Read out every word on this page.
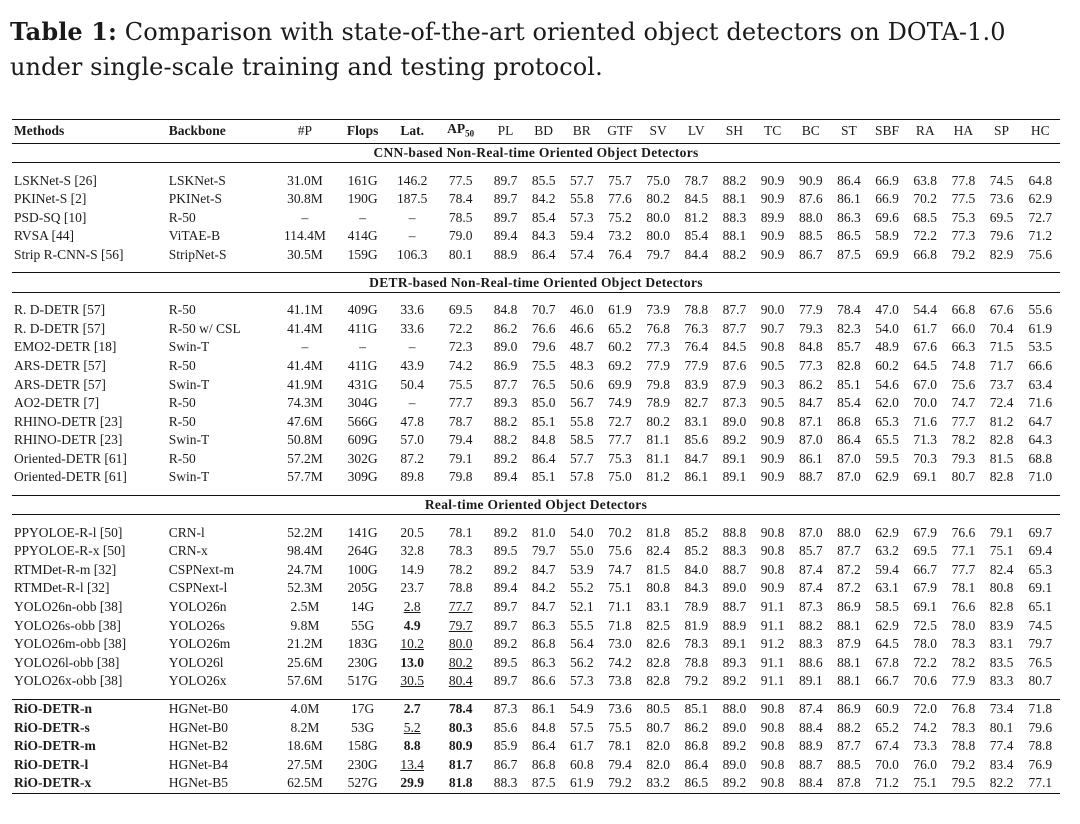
Table 1: Comparison with state-of-the-art oriented object detectors on DOTA-1.0 under single-scale training and testing protocol.
Methods	Backbone	#P	Flops	Lat.	$AP_{50}$	PL	BD	BR	GTF	SV	LV	SH	TC	BC	ST	SBF	RA	HA	SP	HC
CNN-based Non-Real-time Oriented Object Detectors																				

LSKNet-S [26]	LSKNet-S	31.0M	161G	146.2	77.5	89.7	85.5	57.7	75.7	75.0	78.7	88.2	90.9	90.9	86.4	66.9	63.8	77.8	74.5	64.8
PKINet-S [2]	PKINet-S	30.8M	190G	187.5	78.4	89.7	84.2	55.8	77.6	80.2	84.5	88.1	90.9	87.6	86.1	66.9	70.2	77.5	73.6	62.9
PSD-SQ [10]	R-50	–	–	–	78.5	89.7	85.4	57.3	75.2	80.0	81.2	88.3	89.9	88.0	86.3	69.6	68.5	75.3	69.5	72.7
RVSA [44]	ViTAE-B	114.4M	414G	–	79.0	89.4	84.3	59.4	73.2	80.0	85.4	88.1	90.9	88.5	86.5	58.9	72.2	77.3	79.6	71.2
Strip R-CNN-S [56]	StripNet-S	30.5M	159G	106.3	80.1	88.9	86.4	57.4	76.4	79.7	84.4	88.2	90.9	86.7	87.5	69.9	66.8	79.2	82.9	75.6

DETR-based Non-Real-time Oriented Object Detectors																				

R. D-DETR [57]	R-50	41.1M	409G	33.6	69.5	84.8	70.7	46.0	61.9	73.9	78.8	87.7	90.0	77.9	78.4	47.0	54.4	66.8	67.6	55.6
R. D-DETR [57]	R-50 w/ CSL	41.4M	411G	33.6	72.2	86.2	76.6	46.6	65.2	76.8	76.3	87.7	90.7	79.3	82.3	54.0	61.7	66.0	70.4	61.9
EMO2-DETR [18]	Swin-T	–	–	–	72.3	89.0	79.6	48.7	60.2	77.3	76.4	84.5	90.8	84.8	85.7	48.9	67.6	66.3	71.5	53.5
ARS-DETR [57]	R-50	41.4M	411G	43.9	74.2	86.9	75.5	48.3	69.2	77.9	77.9	87.6	90.5	77.3	82.8	60.2	64.5	74.8	71.7	66.6
ARS-DETR [57]	Swin-T	41.9M	431G	50.4	75.5	87.7	76.5	50.6	69.9	79.8	83.9	87.9	90.3	86.2	85.1	54.6	67.0	75.6	73.7	63.4
AO2-DETR [7]	R-50	74.3M	304G	–	77.7	89.3	85.0	56.7	74.9	78.9	82.7	87.3	90.5	84.7	85.4	62.0	70.0	74.7	72.4	71.6
RHINO-DETR [23]	R-50	47.6M	566G	47.8	78.7	88.2	85.1	55.8	72.7	80.2	83.1	89.0	90.8	87.1	86.8	65.3	71.6	77.7	81.2	64.7
RHINO-DETR [23]	Swin-T	50.8M	609G	57.0	79.4	88.2	84.8	58.5	77.7	81.1	85.6	89.2	90.9	87.0	86.4	65.5	71.3	78.2	82.8	64.3
Oriented-DETR [61]	R-50	57.2M	302G	87.2	79.1	89.2	86.4	57.7	75.3	81.1	84.7	89.1	90.9	86.1	87.0	59.5	70.3	79.3	81.5	68.8
Oriented-DETR [61]	Swin-T	57.7M	309G	89.8	79.8	89.4	85.1	57.8	75.0	81.2	86.1	89.1	90.9	88.7	87.0	62.9	69.1	80.7	82.8	71.0

Real-time Oriented Object Detectors																				

PPYOLOE-R-l [50]	CRN-l	52.2M	141G	20.5	78.1	89.2	81.0	54.0	70.2	81.8	85.2	88.8	90.8	87.0	88.0	62.9	67.9	76.6	79.1	69.7
PPYOLOE-R-x [50]	CRN-x	98.4M	264G	32.8	78.3	89.5	79.7	55.0	75.6	82.4	85.2	88.3	90.8	85.7	87.7	63.2	69.5	77.1	75.1	69.4
RTMDet-R-m [32]	CSPNext-m	24.7M	100G	14.9	78.2	89.2	84.7	53.9	74.7	81.5	84.0	88.7	90.8	87.4	87.2	59.4	66.7	77.7	82.4	65.3
RTMDet-R-l [32]	CSPNext-l	52.3M	205G	23.7	78.8	89.4	84.2	55.2	75.1	80.8	84.3	89.0	90.9	87.4	87.2	63.1	67.9	78.1	80.8	69.1
YOLO26n-obb [38]	YOLO26n	2.5M	14G	2.8	77.7	89.7	84.7	52.1	71.1	83.1	78.9	88.7	91.1	87.3	86.9	58.5	69.1	76.6	82.8	65.1
YOLO26s-obb [38]	YOLO26s	9.8M	55G	4.9	79.7	89.7	86.3	55.5	71.8	82.5	81.9	88.9	91.1	88.2	88.1	62.9	72.5	78.0	83.9	74.5
YOLO26m-obb [38]	YOLO26m	21.2M	183G	10.2	80.0	89.2	86.8	56.4	73.0	82.6	78.3	89.1	91.2	88.3	87.9	64.5	78.0	78.3	83.1	79.7
YOLO26l-obb [38]	YOLO26l	25.6M	230G	13.0	80.2	89.5	86.3	56.2	74.2	82.8	78.8	89.3	91.1	88.6	88.1	67.8	72.2	78.2	83.5	76.5
YOLO26x-obb [38]	YOLO26x	57.6M	517G	30.5	80.4	89.7	86.6	57.3	73.8	82.8	79.2	89.2	91.1	89.1	88.1	66.7	70.6	77.9	83.3	80.7

RiO-DETR-n	HGNet-B0	4.0M	17G	2.7	78.4	87.3	86.1	54.9	73.6	80.5	85.1	88.0	90.8	87.4	86.9	60.9	72.0	76.8	73.4	71.8
RiO-DETR-s	HGNet-B0	8.2M	53G	5.2	80.3	85.6	84.8	57.5	75.5	80.7	86.2	89.0	90.8	88.4	88.2	65.2	74.2	78.3	80.1	79.6
RiO-DETR-m	HGNet-B2	18.6M	158G	8.8	80.9	85.9	86.4	61.7	78.1	82.0	86.8	89.2	90.8	88.9	87.7	67.4	73.3	78.8	77.4	78.8
RiO-DETR-l	HGNet-B4	27.5M	230G	13.4	81.7	86.7	86.8	60.8	79.4	82.0	86.4	89.0	90.8	88.7	88.5	70.0	76.0	79.2	83.4	76.9
RiO-DETR-x	HGNet-B5	62.5M	527G	29.9	81.8	88.3	87.5	61.9	79.2	83.2	86.5	89.2	90.8	88.4	87.8	71.2	75.1	79.5	82.2	77.1
